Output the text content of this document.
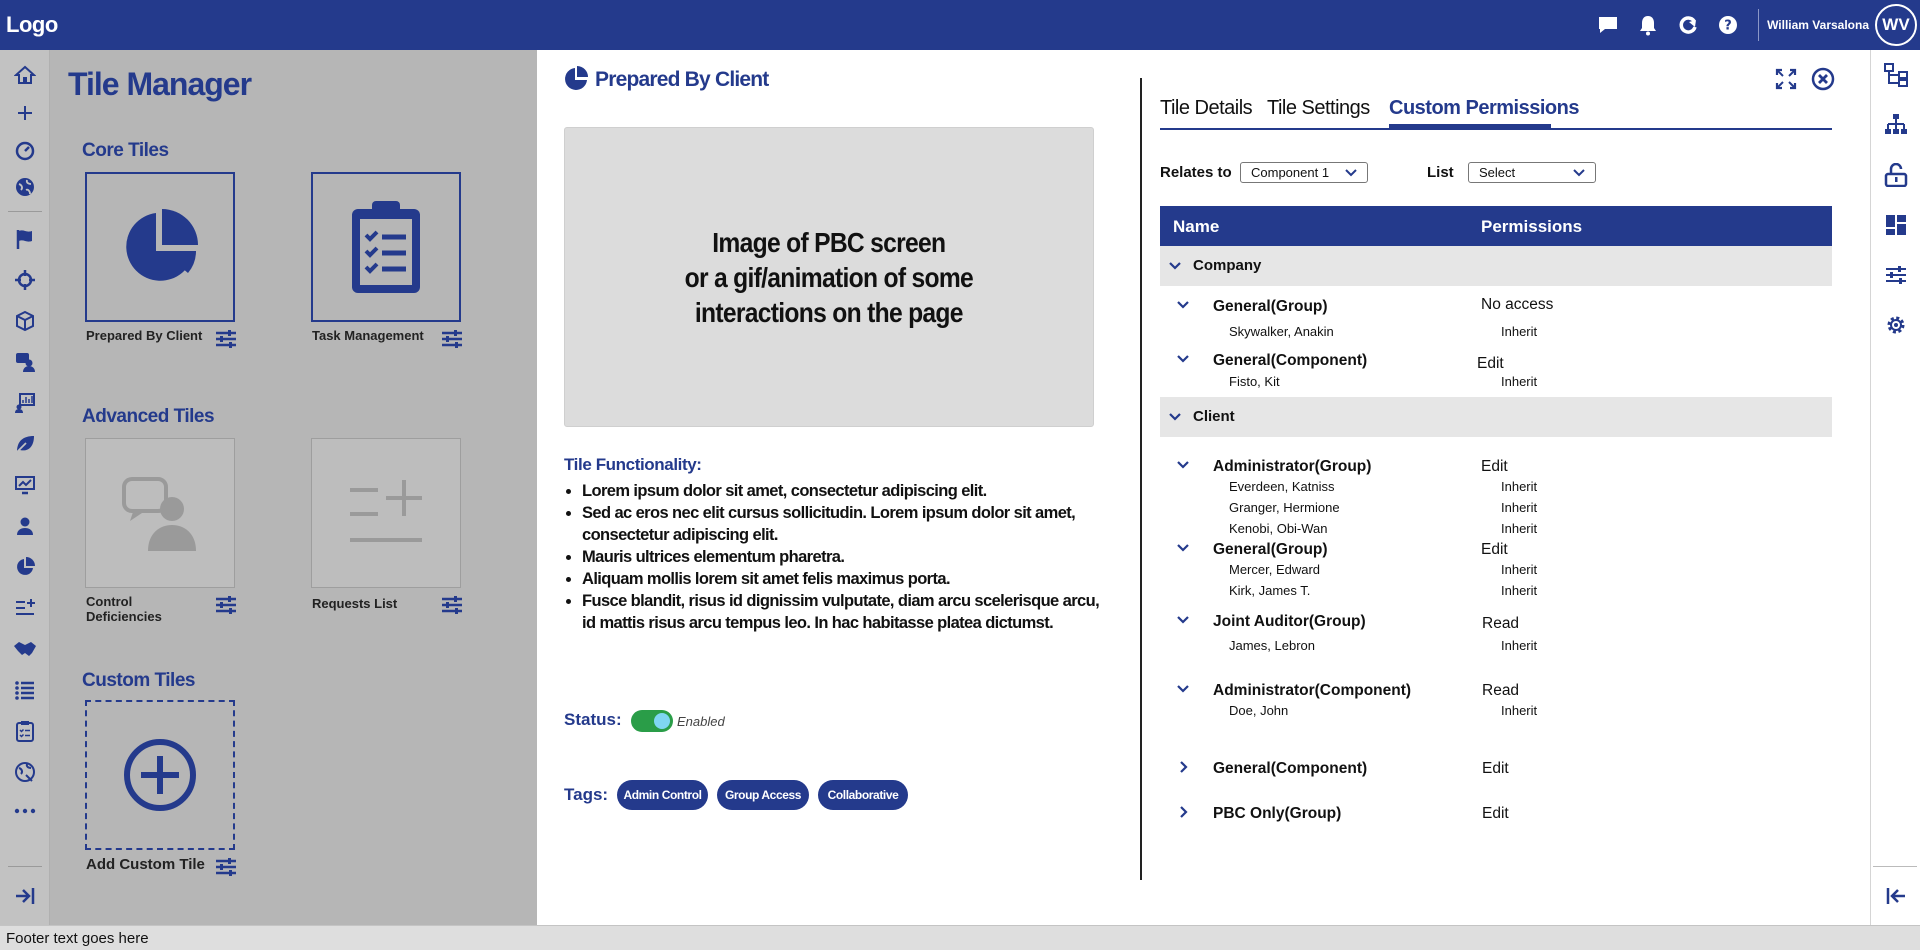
Logo	?	William Varsalona WV
Tile Manager
Core Tiles
Prepared By Client	Task Management
Advanced Tiles
Control Deficiencies
Requests List
Custom Tiles
Add Custom Tile
Prepared By Client
Image of PBC screen
or a gif/animation of some
interactions on the page
Tile Functionality:
• Lorem ipsum dolor sit amet, consectetur adipiscing elit.
• Sed ac eros nec elit cursus sollicitudin. Lorem ipsum dolor sit amet, consectetur adipiscing elit.
• Mauris ultrices elementum pharetra.
• Aliquam mollis lorem sit amet felis maximus porta.
• Fusce blandit, risus id dignissim vulputate, diam arcu scelerisque arcu, id mattis risus arcu tempus leo. In hac habitasse platea dictumst.
Status:	Enabled
Tags:	Admin Control	Group Access	Collaborative
Tile Details Tile Settings Custom Permissions
Relates to Component 1	List Select
Name	Permissions
Company
General(Group)	No access
Skywalker, Anakin	Inherit
General(Component)	Edit
Fisto, Kit	Inherit
Client
Administrator(Group)	Edit
Everdeen, Katniss	Inherit
Granger, Hermione	Inherit
Kenobi, Obi-Wan	Inherit
General(Group)	Edit
Mercer, Edward	Inherit
Kirk, James T.	Inherit
Joint Auditor(Group)	Read
James, Lebron	Inherit
Administrator(Component)	Read
Doe, John	Inherit
General(Component)	Edit
PBC Only(Group)	Edit
Footer text goes here
